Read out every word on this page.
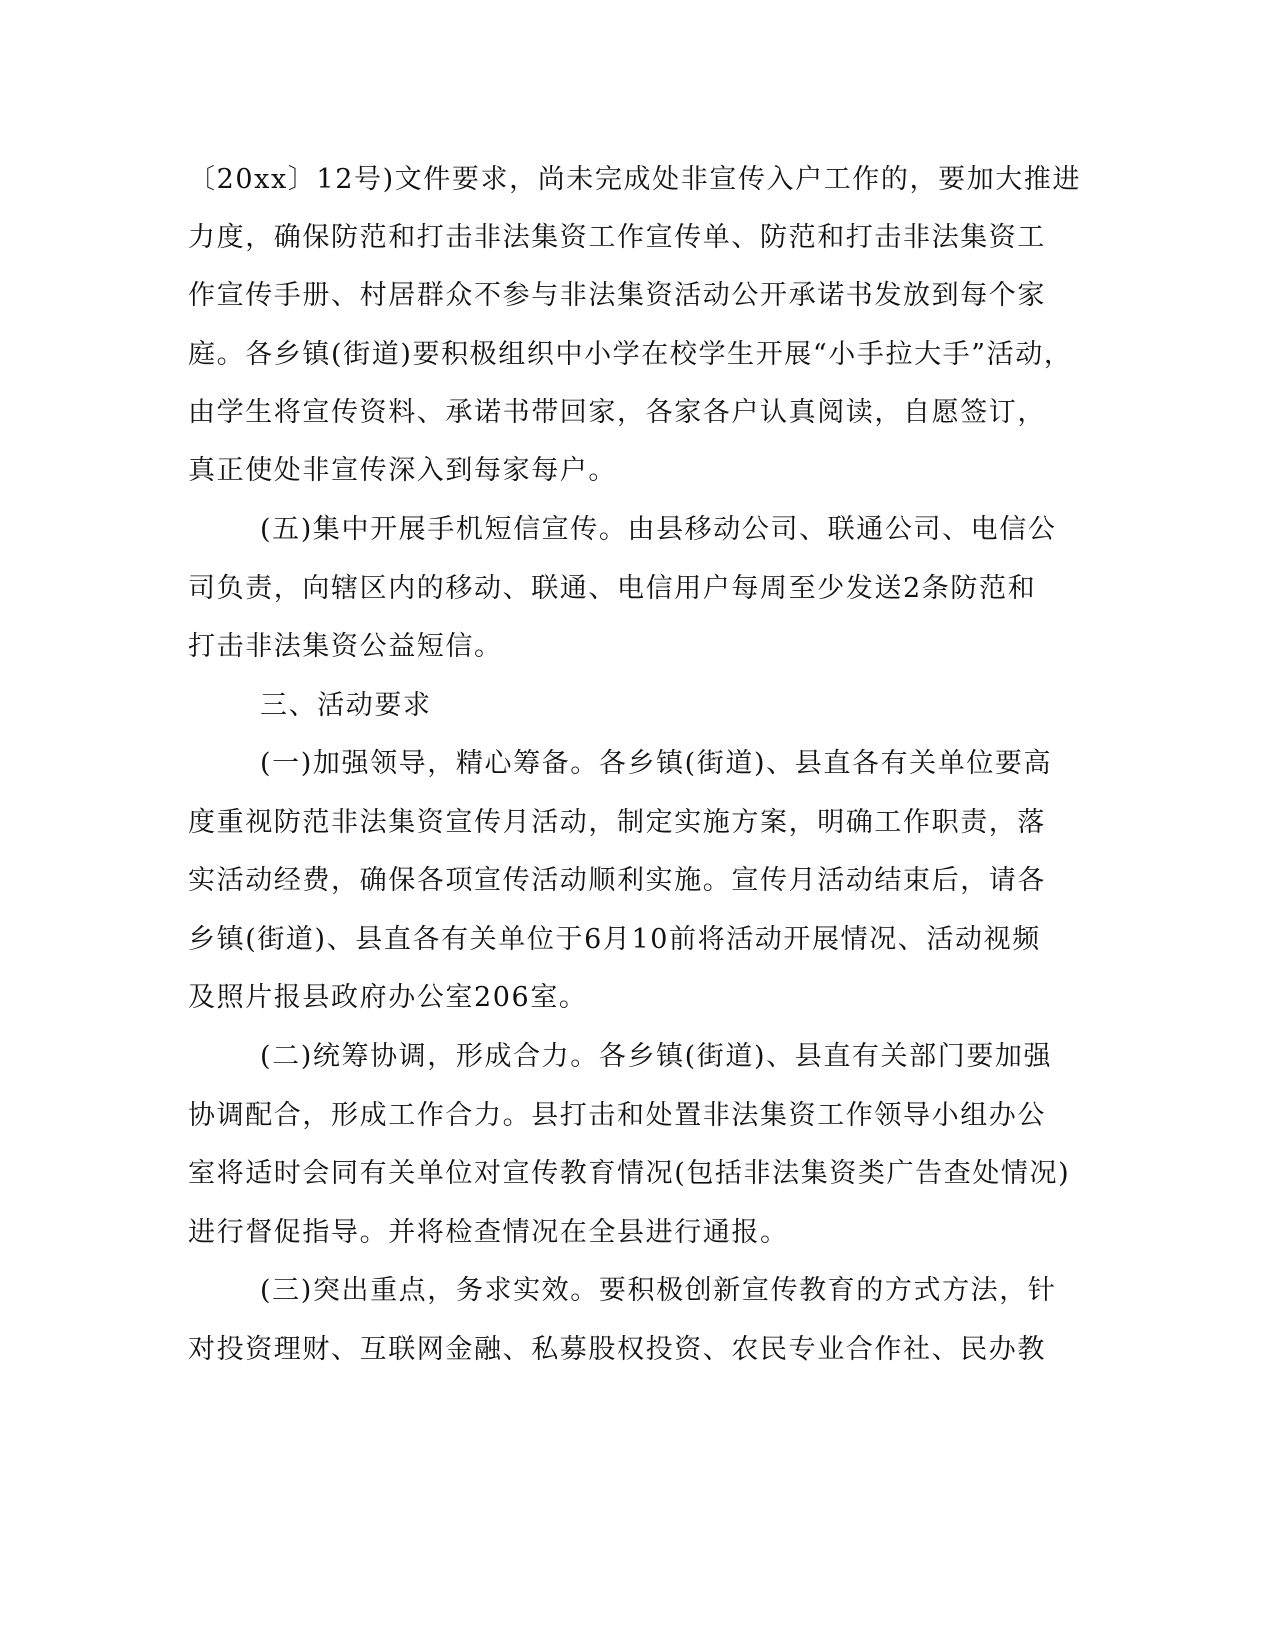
〔20xx〕12号)文件要求，尚未完成处非宣传入户工作的，要加大推进
力度，确保防范和打击非法集资工作宣传单、防范和打击非法集资工
作宣传手册、村居群众不参与非法集资活动公开承诺书发放到每个家
庭。各乡镇(街道)要积极组织中小学在校学生开展“小手拉大手”活动，
由学生将宣传资料、承诺书带回家，各家各户认真阅读，自愿签订，
真正使处非宣传深入到每家每户。
(五)集中开展手机短信宣传。由县移动公司、联通公司、电信公
司负责，向辖区内的移动、联通、电信用户每周至少发送2条防范和
打击非法集资公益短信。
三、活动要求
(一)加强领导，精心筹备。各乡镇(街道)、县直各有关单位要高
度重视防范非法集资宣传月活动，制定实施方案，明确工作职责，落
实活动经费，确保各项宣传活动顺利实施。宣传月活动结束后，请各
乡镇(街道)、县直各有关单位于6月10前将活动开展情况、活动视频
及照片报县政府办公室206室。
(二)统筹协调，形成合力。各乡镇(街道)、县直有关部门要加强
协调配合，形成工作合力。县打击和处置非法集资工作领导小组办公
室将适时会同有关单位对宣传教育情况(包括非法集资类广告查处情况)
进行督促指导。并将检查情况在全县进行通报。
(三)突出重点，务求实效。要积极创新宣传教育的方式方法，针
对投资理财、互联网金融、私募股权投资、农民专业合作社、民办教
